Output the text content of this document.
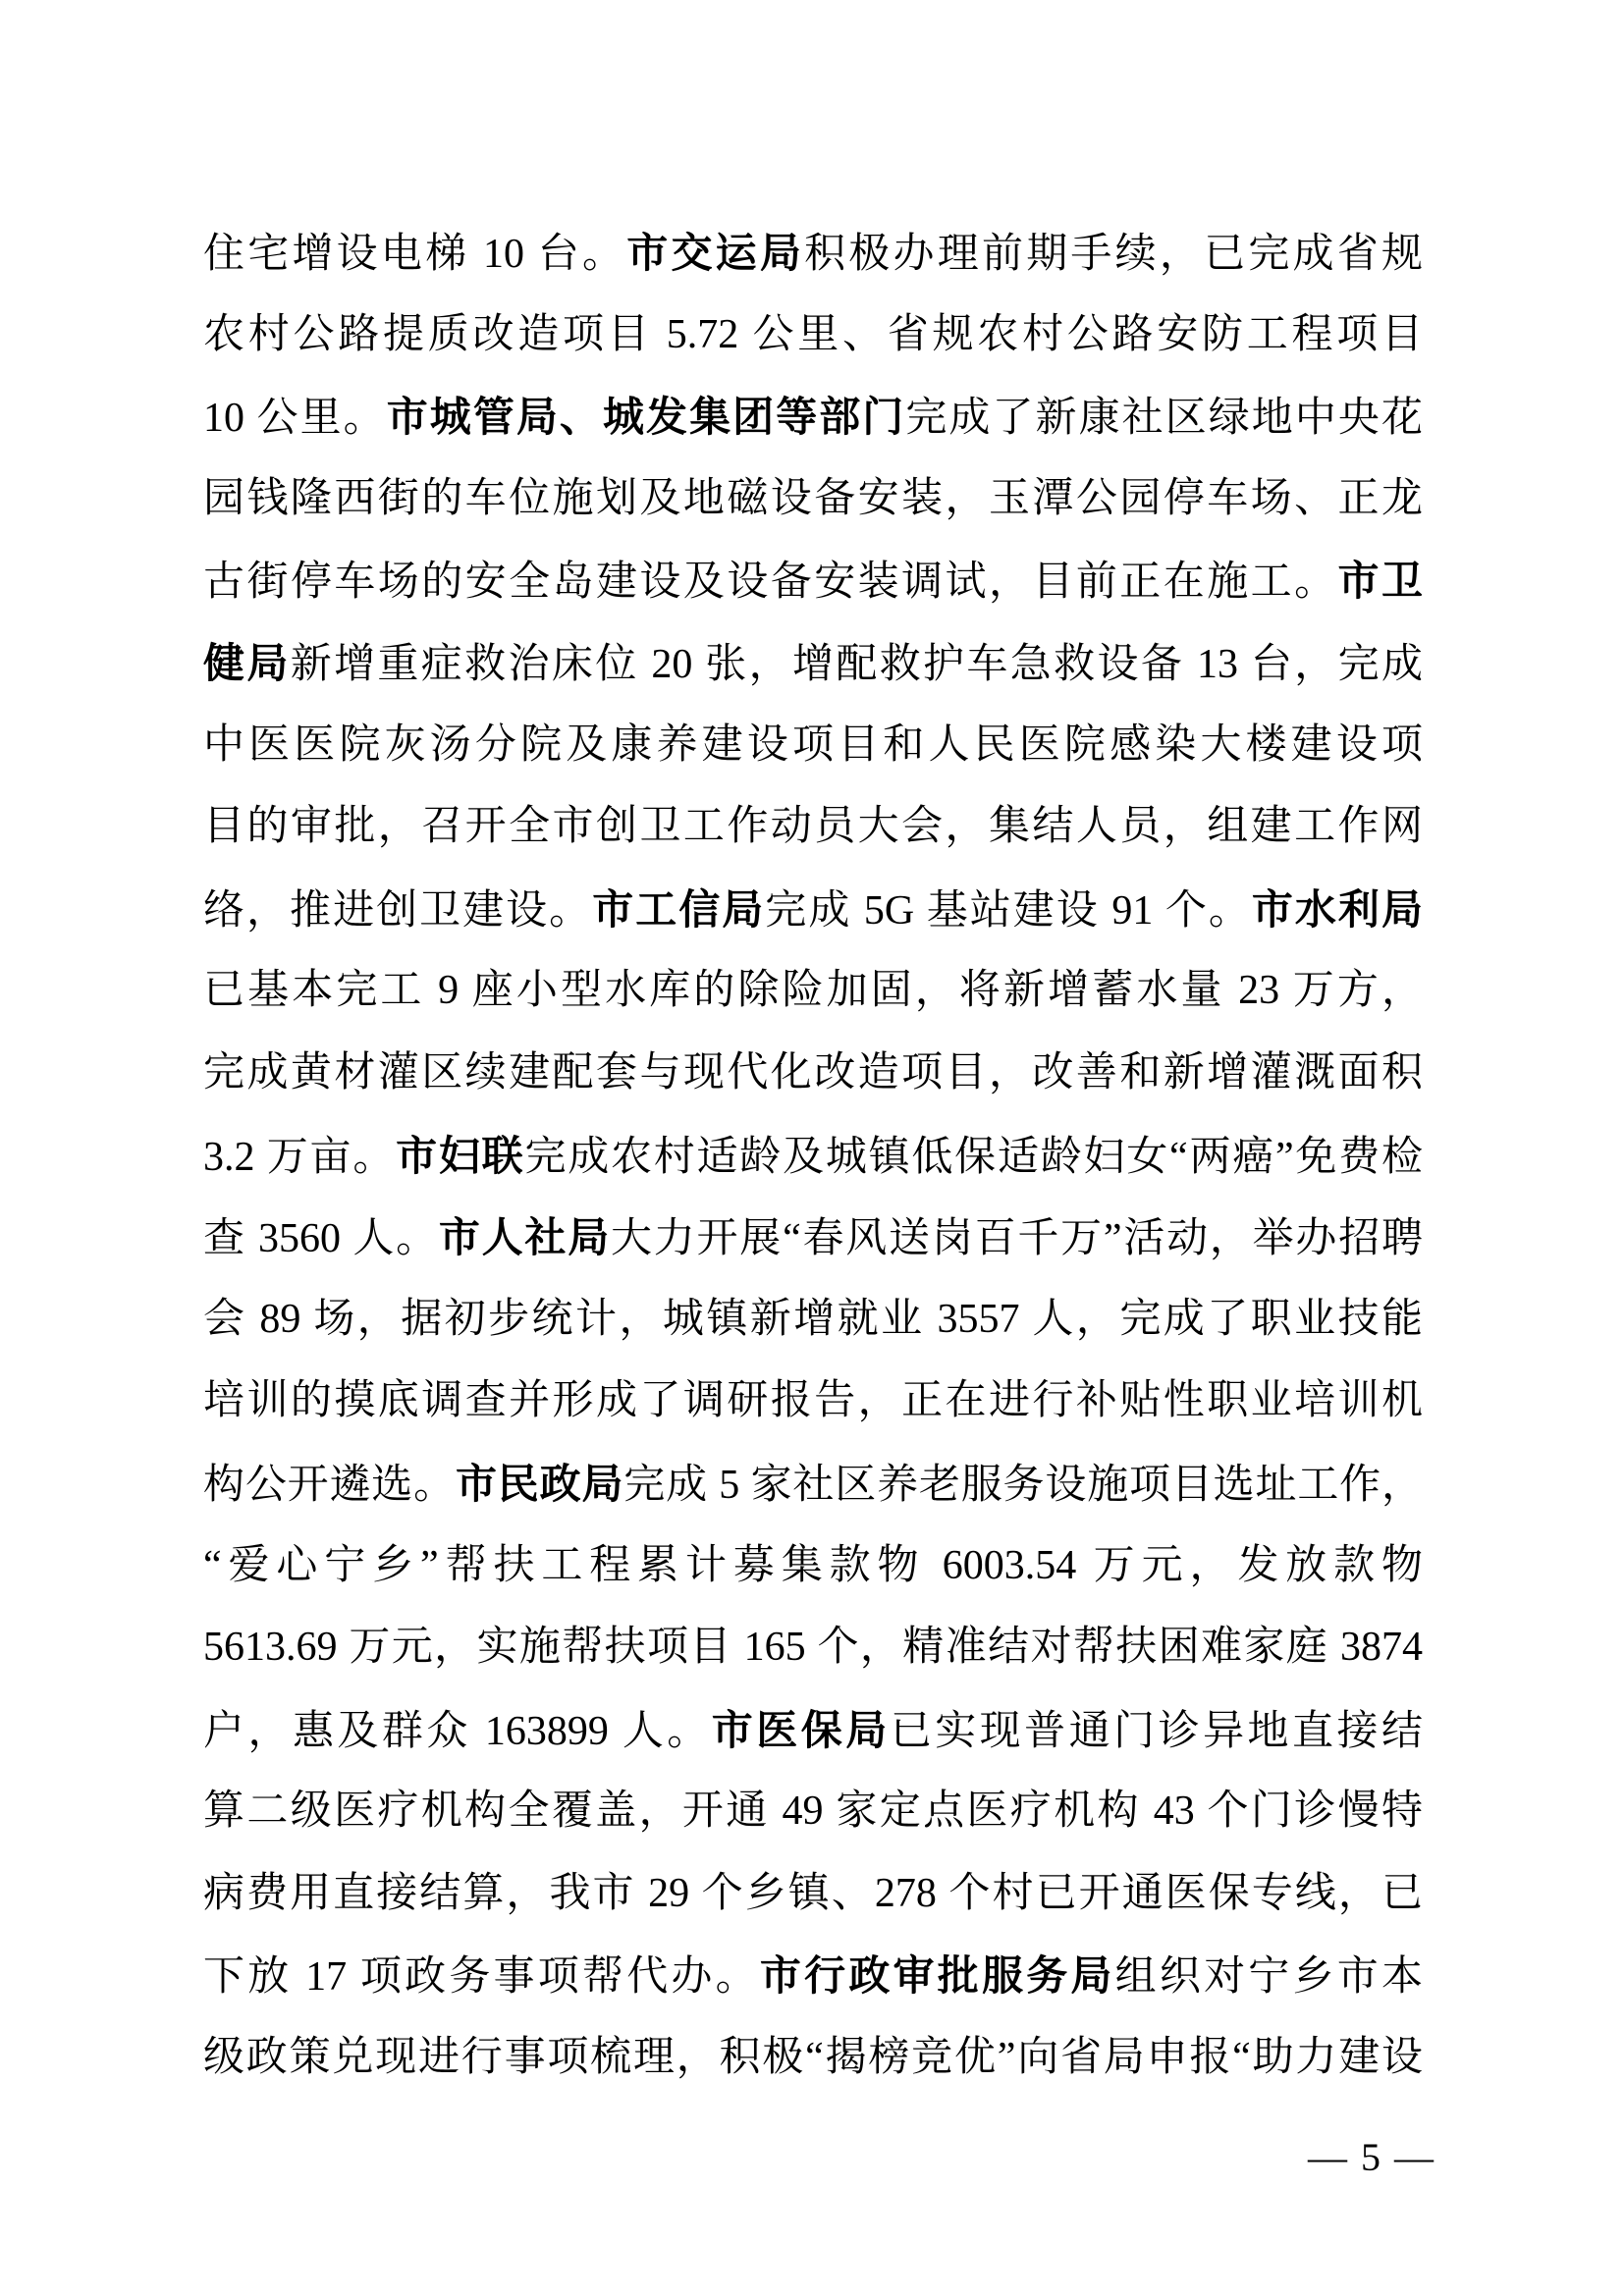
住宅增设电梯 10 台。市交运局积极办理前期手续，已完成省规
农村公路提质改造项目 5.72 公里、省规农村公路安防工程项目
10 公里。市城管局、城发集团等部门完成了新康社区绿地中央花
园钱隆西街的车位施划及地磁设备安装，玉潭公园停车场、正龙
古街停车场的安全岛建设及设备安装调试，目前正在施工。市卫
健局新增重症救治床位 20 张，增配救护车急救设备 13 台，完成
中医医院灰汤分院及康养建设项目和人民医院感染大楼建设项
目的审批，召开全市创卫工作动员大会，集结人员，组建工作网
络，推进创卫建设。市工信局完成 5G 基站建设 91 个。市水利局
已基本完工 9 座小型水库的除险加固，将新增蓄水量 23 万方，
完成黄材灌区续建配套与现代化改造项目，改善和新增灌溉面积
3.2 万亩。市妇联完成农村适龄及城镇低保适龄妇女“两癌”免费检
查 3560 人。市人社局大力开展“春风送岗百千万”活动，举办招聘
会 89 场，据初步统计，城镇新增就业 3557 人，完成了职业技能
培训的摸底调查并形成了调研报告，正在进行补贴性职业培训机
构公开遴选。市民政局完成 5 家社区养老服务设施项目选址工作，
“爱心宁乡”帮扶工程累计募集款物 6003.54 万元，发放款物
5613.69 万元，实施帮扶项目 165 个，精准结对帮扶困难家庭 3874
户，惠及群众 163899 人。市医保局已实现普通门诊异地直接结
算二级医疗机构全覆盖，开通 49 家定点医疗机构 43 个门诊慢特
病费用直接结算，我市 29 个乡镇、278 个村已开通医保专线，已
下放 17 项政务事项帮代办。市行政审批服务局组织对宁乡市本
级政策兑现进行事项梳理，积极“揭榜竞优”向省局申报“助力建设
— 5 —
